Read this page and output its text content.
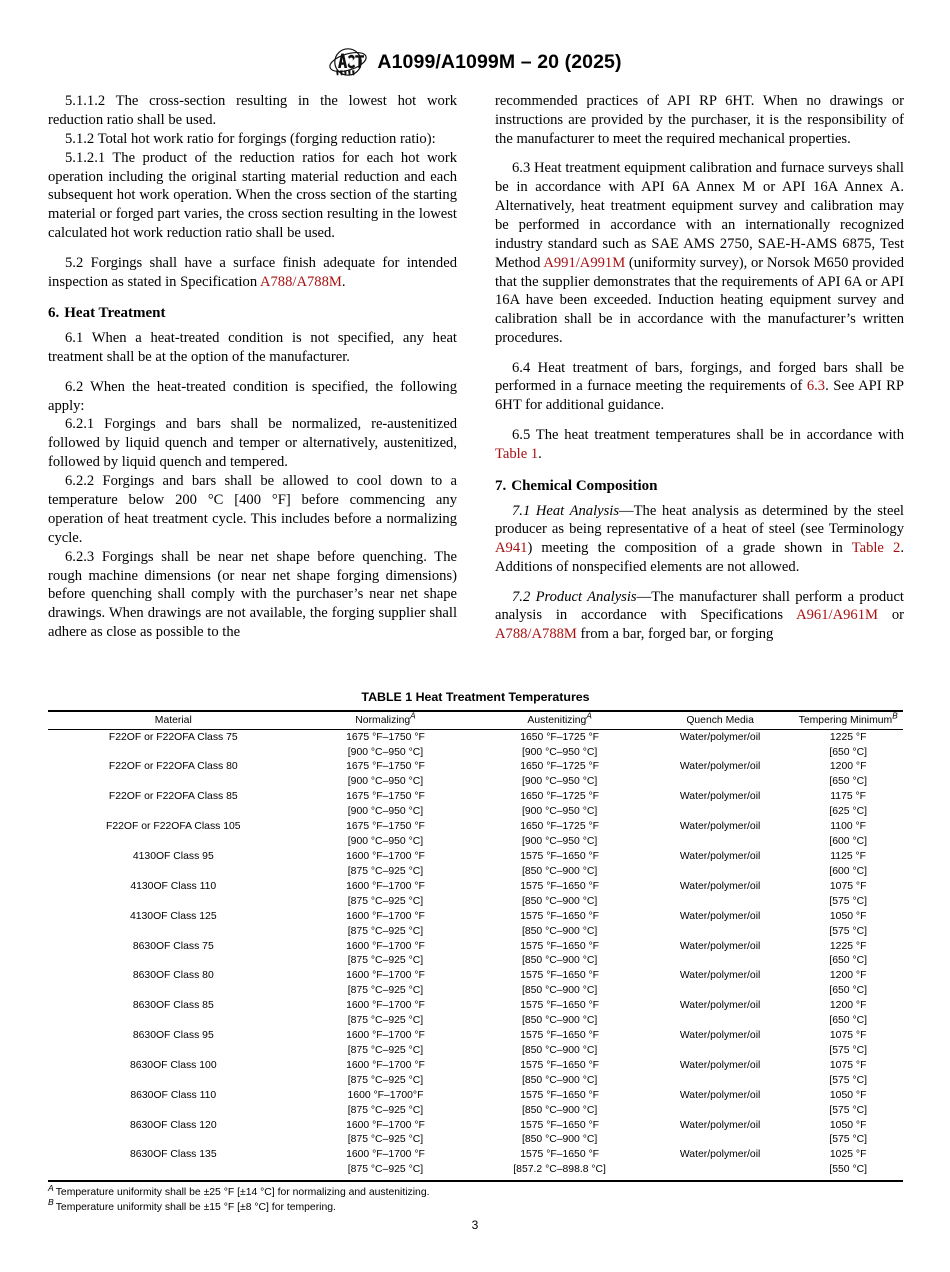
A1099/A1099M – 20 (2025)

5.1.1.2 The cross-section resulting in the lowest hot work reduction ratio shall be used.

5.1.2 Total hot work ratio for forgings (forging reduction ratio):

5.1.2.1 The product of the reduction ratios for each hot work operation including the original starting material reduction and each subsequent hot work operation. When the cross section of the starting material or forged part varies, the cross section resulting in the lowest calculated hot work reduction ratio shall be used.

5.2 Forgings shall have a surface finish adequate for intended inspection as stated in Specification A788/A788M.

6. Heat Treatment

6.1 When a heat-treated condition is not specified, any heat treatment shall be at the option of the manufacturer.

6.2 When the heat-treated condition is specified, the following apply:

6.2.1 Forgings and bars shall be normalized, re-austenitized followed by liquid quench and temper or alternatively, austenitized, followed by liquid quench and tempered.

6.2.2 Forgings and bars shall be allowed to cool down to a temperature below 200 °C [400 °F] before commencing any operation of heat treatment cycle. This includes before a normalizing cycle.

6.2.3 Forgings shall be near net shape before quenching. The rough machine dimensions (or near net shape forging dimensions) before quenching shall comply with the purchaser’s near net shape drawings. When drawings are not available, the forging supplier shall adhere as close as possible to the

recommended practices of API RP 6HT. When no drawings or instructions are provided by the purchaser, it is the responsibility of the manufacturer to meet the required mechanical properties.

6.3 Heat treatment equipment calibration and furnace surveys shall be in accordance with API 6A Annex M or API 16A Annex A. Alternatively, heat treatment equipment survey and calibration may be performed in accordance with an internationally recognized industry standard such as SAE AMS 2750, SAE-H-AMS 6875, Test Method A991/A991M (uniformity survey), or Norsok M650 provided that the supplier demonstrates that the requirements of API 6A or API 16A have been exceeded. Induction heating equipment survey and calibration shall be in accordance with the manufacturer’s written procedures.

6.4 Heat treatment of bars, forgings, and forged bars shall be performed in a furnace meeting the requirements of 6.3. See API RP 6HT for additional guidance.

6.5 The heat treatment temperatures shall be in accordance with Table 1.

7. Chemical Composition

7.1 Heat Analysis—The heat analysis as determined by the steel producer as being representative of a heat of steel (see Terminology A941) meeting the composition of a grade shown in Table 2. Additions of nonspecified elements are not allowed.

7.2 Product Analysis—The manufacturer shall perform a product analysis in accordance with Specifications A961/A961M or A788/A788M from a bar, forged bar, or forging

TABLE 1 Heat Treatment Temperatures
Material	Normalizing$^A$	Austenitizing$^A$	Quench Media	Tempering Minimum$^B$
F22OF or F22OFA Class 75	1675 °F–1750 °F	1650 °F–1725 °F	Water/polymer/oil	1225 °F
	[900 °C–950 °C]	[900 °C–950 °C]		[650 °C]
F22OF or F22OFA Class 80	1675 °F–1750 °F	1650 °F–1725 °F	Water/polymer/oil	1200 °F
	[900 °C–950 °C]	[900 °C–950 °C]		[650 °C]
F22OF or F22OFA Class 85	1675 °F–1750 °F	1650 °F–1725 °F	Water/polymer/oil	1175 °F
	[900 °C–950 °C]	[900 °C–950 °C]		[625 °C]
F22OF or F22OFA Class 105	1675 °F–1750 °F	1650 °F–1725 °F	Water/polymer/oil	1100 °F
	[900 °C–950 °C]	[900 °C–950 °C]		[600 °C]
4130OF Class 95	1600 °F–1700 °F	1575 °F–1650 °F	Water/polymer/oil	1125 °F
	[875 °C–925 °C]	[850 °C–900 °C]		[600 °C]
4130OF Class 110	1600 °F–1700 °F	1575 °F–1650 °F	Water/polymer/oil	1075 °F
	[875 °C–925 °C]	[850 °C–900 °C]		[575 °C]
4130OF Class 125	1600 °F–1700 °F	1575 °F–1650 °F	Water/polymer/oil	1050 °F
	[875 °C–925 °C]	[850 °C–900 °C]		[575 °C]
8630OF Class 75	1600 °F–1700 °F	1575 °F–1650 °F	Water/polymer/oil	1225 °F
	[875 °C–925 °C]	[850 °C–900 °C]		[650 °C]
8630OF Class 80	1600 °F–1700 °F	1575 °F–1650 °F	Water/polymer/oil	1200 °F
	[875 °C–925 °C]	[850 °C–900 °C]		[650 °C]
8630OF Class 85	1600 °F–1700 °F	1575 °F–1650 °F	Water/polymer/oil	1200 °F
	[875 °C–925 °C]	[850 °C–900 °C]		[650 °C]
8630OF Class 95	1600 °F–1700 °F	1575 °F–1650 °F	Water/polymer/oil	1075 °F
	[875 °C–925 °C]	[850 °C–900 °C]		[575 °C]
8630OF Class 100	1600 °F–1700 °F	1575 °F–1650 °F	Water/polymer/oil	1075 °F
	[875 °C–925 °C]	[850 °C–900 °C]		[575 °C]
8630OF Class 110	1600 °F–1700°F	1575 °F–1650 °F	Water/polymer/oil	1050 °F
	[875 °C–925 °C]	[850 °C–900 °C]		[575 °C]
8630OF Class 120	1600 °F–1700 °F	1575 °F–1650 °F	Water/polymer/oil	1050 °F
	[875 °C–925 °C]	[850 °C–900 °C]		[575 °C]
8630OF Class 135	1600 °F–1700 °F	1575 °F–1650 °F	Water/polymer/oil	1025 °F
	[875 °C–925 °C]	[857.2 °C–898.8 °C]		[550 °C]
$^A$ Temperature uniformity shall be ±25 °F [±14 °C] for normalizing and austenitizing.
$^B$ Temperature uniformity shall be ±15 °F [±8 °C] for tempering.
3
